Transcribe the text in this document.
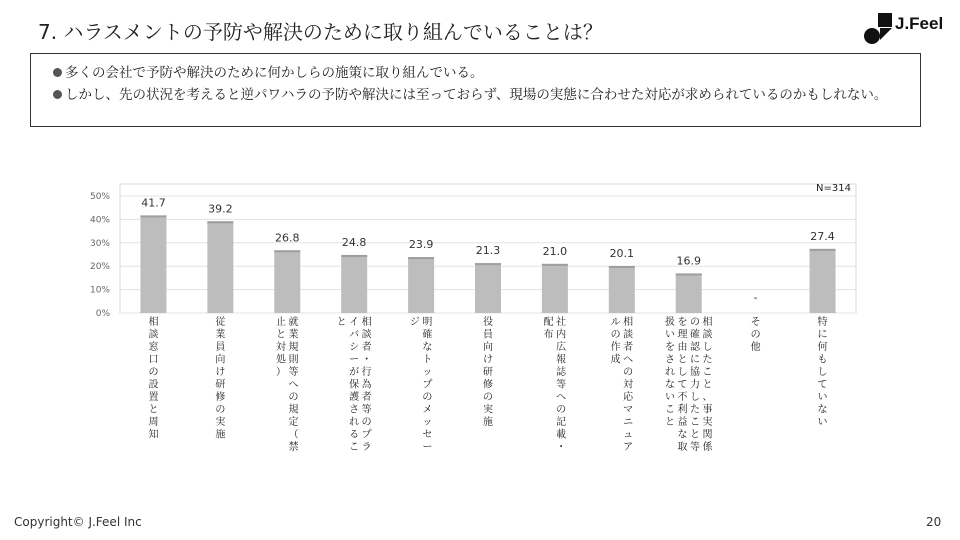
7. ハラスメントの予防や解決のために取り組んでいることは？	J.Feel
多くの会社で予防や解決のために何かしらの施策に取り組んでいる。
しかし、先の状況を考えると逆パワハラの予防や解決には至っておらず、現場の実態に合わせた対応が求められているのかもしれない。
0%
10%
20%
30%
40%
50%
N=314
41.7
相談窓口の設置と周知
39.2
従業員向け研修の実施
26.8
就業規則等への規定（禁
止と対処）
24.8
相談者・行為者等のプラ
イバシーが保護されるこ
と
23.9
明確なトップのメッセー
ジ
21.3
役員向け研修の実施
21.0
社内広報誌等への記載・
配布
20.1
相談者への対応マニュア
ルの作成
16.9
相談したこと、事実関係
の確認に協力したこと等
を理由として不利益な取
扱いをされないこと
-
その他
27.4
特に何もしていない
Copyright© J.Feel Inc	20
